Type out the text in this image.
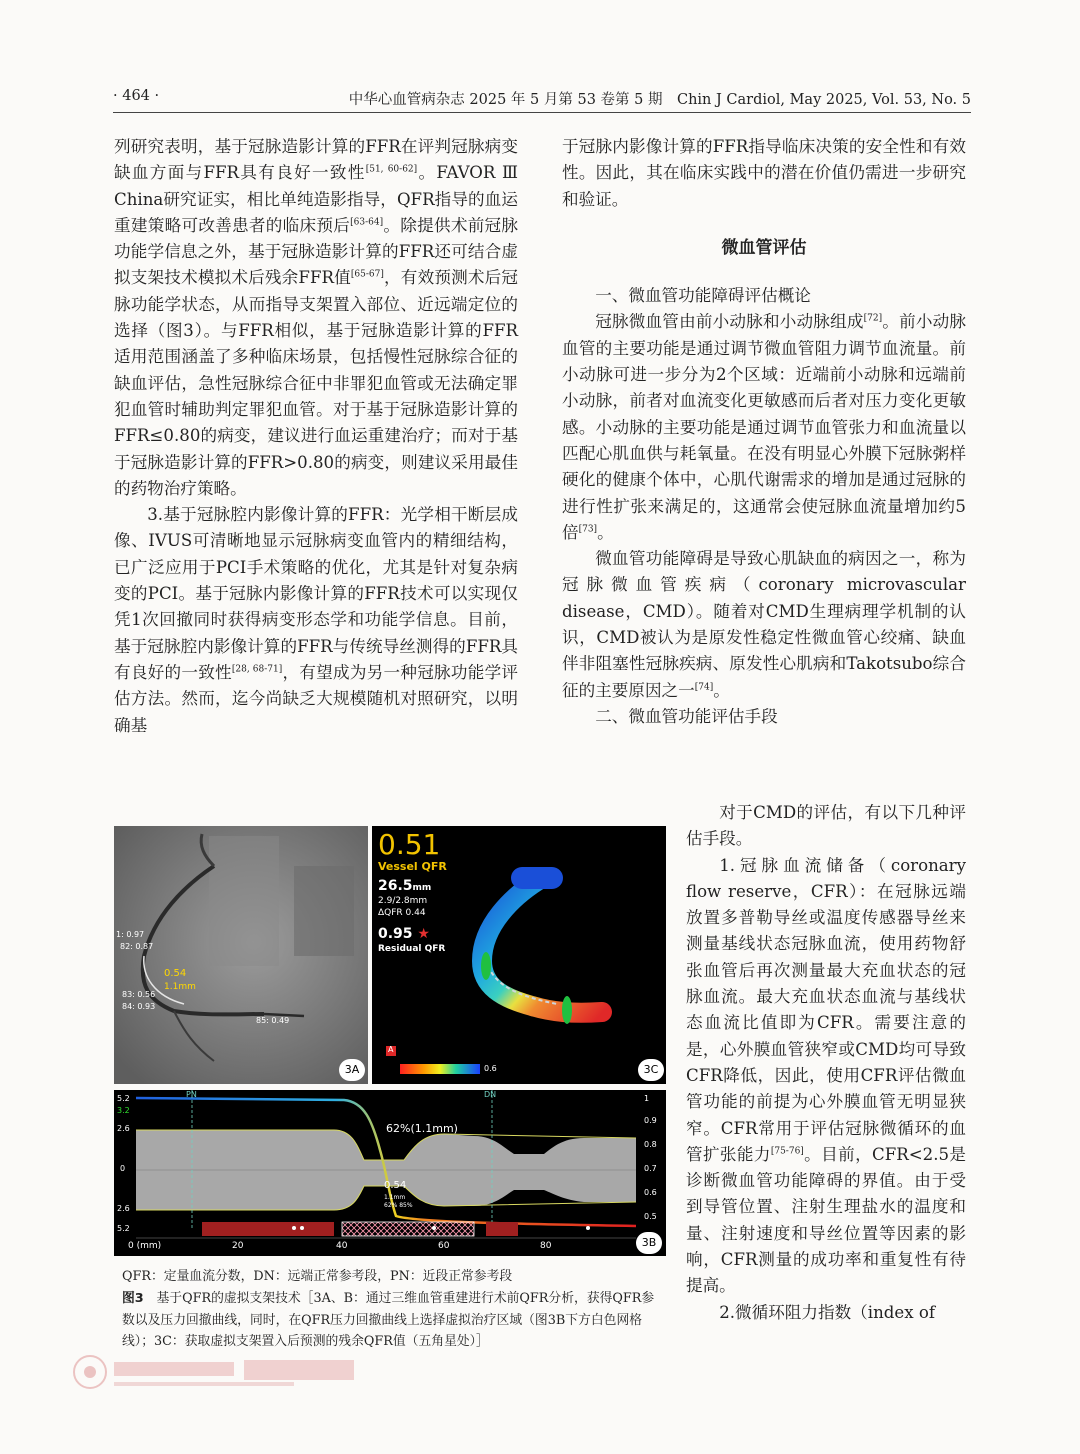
· 464 ·	中华心血管病杂志 2025 年 5 月第 53 卷第 5 期　Chin J Cardiol, May 2025, Vol. 53, No. 5

列研究表明，基于冠脉造影计算的FFR在评判冠脉病变缺血方面与FFR具有良好一致性[51, 60-62]。FAVOR Ⅲ China研究证实，相比单纯造影指导，QFR指导的血运重建策略可改善患者的临床预后[63-64]。除提供术前冠脉功能学信息之外，基于冠脉造影计算的FFR还可结合虚拟支架技术模拟术后残余FFR值[65-67]，有效预测术后冠脉功能学状态，从而指导支架置入部位、近远端定位的选择（图3）。与FFR相似，基于冠脉造影计算的FFR适用范围涵盖了多种临床场景，包括慢性冠脉综合征的缺血评估，急性冠脉综合征中非罪犯血管或无法确定罪犯血管时辅助判定罪犯血管。对于基于冠脉造影计算的FFR≤0.80的病变，建议进行血运重建治疗；而对于基于冠脉造影计算的FFR>0.80的病变，则建议采用最佳的药物治疗策略。

3.基于冠脉腔内影像计算的FFR：光学相干断层成像、IVUS可清晰地显示冠脉病变血管内的精细结构，已广泛应用于PCI手术策略的优化，尤其是针对复杂病变的PCI。基于冠脉内影像计算的FFR技术可以实现仅凭1次回撤同时获得病变形态学和功能学信息。目前，基于冠脉腔内影像计算的FFR与传统导丝测得的FFR具有良好的一致性[28, 68-71]，有望成为另一种冠脉功能学评估方法。然而，迄今尚缺乏大规模随机对照研究，以明确基

于冠脉内影像计算的FFR指导临床决策的安全性和有效性。因此，其在临床实践中的潜在价值仍需进一步研究和验证。

微血管评估

一、微血管功能障碍评估概论

冠脉微血管由前小动脉和小动脉组成[72]。前小动脉血管的主要功能是通过调节微血管阻力调节血流量。前小动脉可进一步分为2个区域：近端前小动脉和远端前小动脉，前者对血流变化更敏感而后者对压力变化更敏感。小动脉的主要功能是通过调节血管张力和血流量以匹配心肌血供与耗氧量。在没有明显心外膜下冠脉粥样硬化的健康个体中，心肌代谢需求的增加是通过冠脉的进行性扩张来满足的，这通常会使冠脉血流量增加约5倍[73]。

微血管功能障碍是导致心肌缺血的病因之一，称为冠脉微血管疾病（coronary microvascular disease，CMD）。随着对CMD生理病理学机制的认识，CMD被认为是原发性稳定性微血管心绞痛、缺血伴非阻塞性冠脉疾病、原发性心肌病和Takotsubo综合征的主要原因之一[74]。

二、微血管功能评估手段

对于CMD的评估，有以下几种评估手段。

1.冠脉血流储备（coronary flow reserve，CFR）：在冠脉远端放置多普勒导丝或温度传感器导丝来测量基线状态冠脉血流，使用药物舒张血管后再次测量最大充血状态的冠脉血流。最大充血状态血流与基线状态血流比值即为CFR。需要注意的是，心外膜血管狭窄或CMD均可导致CFR降低，因此，使用CFR评估微血管功能的前提为心外膜血管无明显狭窄。CFR常用于评估冠脉微循环的血管扩张能力[75-76]。目前，CFR<2.5是诊断微血管功能障碍的界值。由于受到导管位置、注射生理盐水的温度和量、注射速度和导丝位置等因素的影响，CFR测量的成功率和重复性有待提高。

2.微循环阻力指数（index of

1: 0.97
82: 0.87
0.54
1.1mm
83: 0.56
84: 0.93
85: 0.49
3A
0.51
Vessel QFR
26.5mm
2.9/2.8mm
ΔQFR 0.44
0.95 ★
Residual QFR
A
0.6	3C
PN	DN
62%(1.1mm)
0.54
1.1mm
62% 85%
5.2
3.2
2.6
0
2.6
5.2
1
0.9
0.8
0.7
0.6
0.5
0 (mm)	20	40	60	80	3B

QFR：定量血流分数，DN：远端正常参考段，PN：近段正常参考段

图3　基于QFR的虚拟支架技术［3A、B：通过三维血管重建进行术前QFR分析，获得QFR参数以及压力回撤曲线，同时，在QFR压力回撤曲线上选择虚拟治疗区域（图3B下方白色网格线）；3C：获取虚拟支架置入后预测的残余QFR值（五角星处）］
